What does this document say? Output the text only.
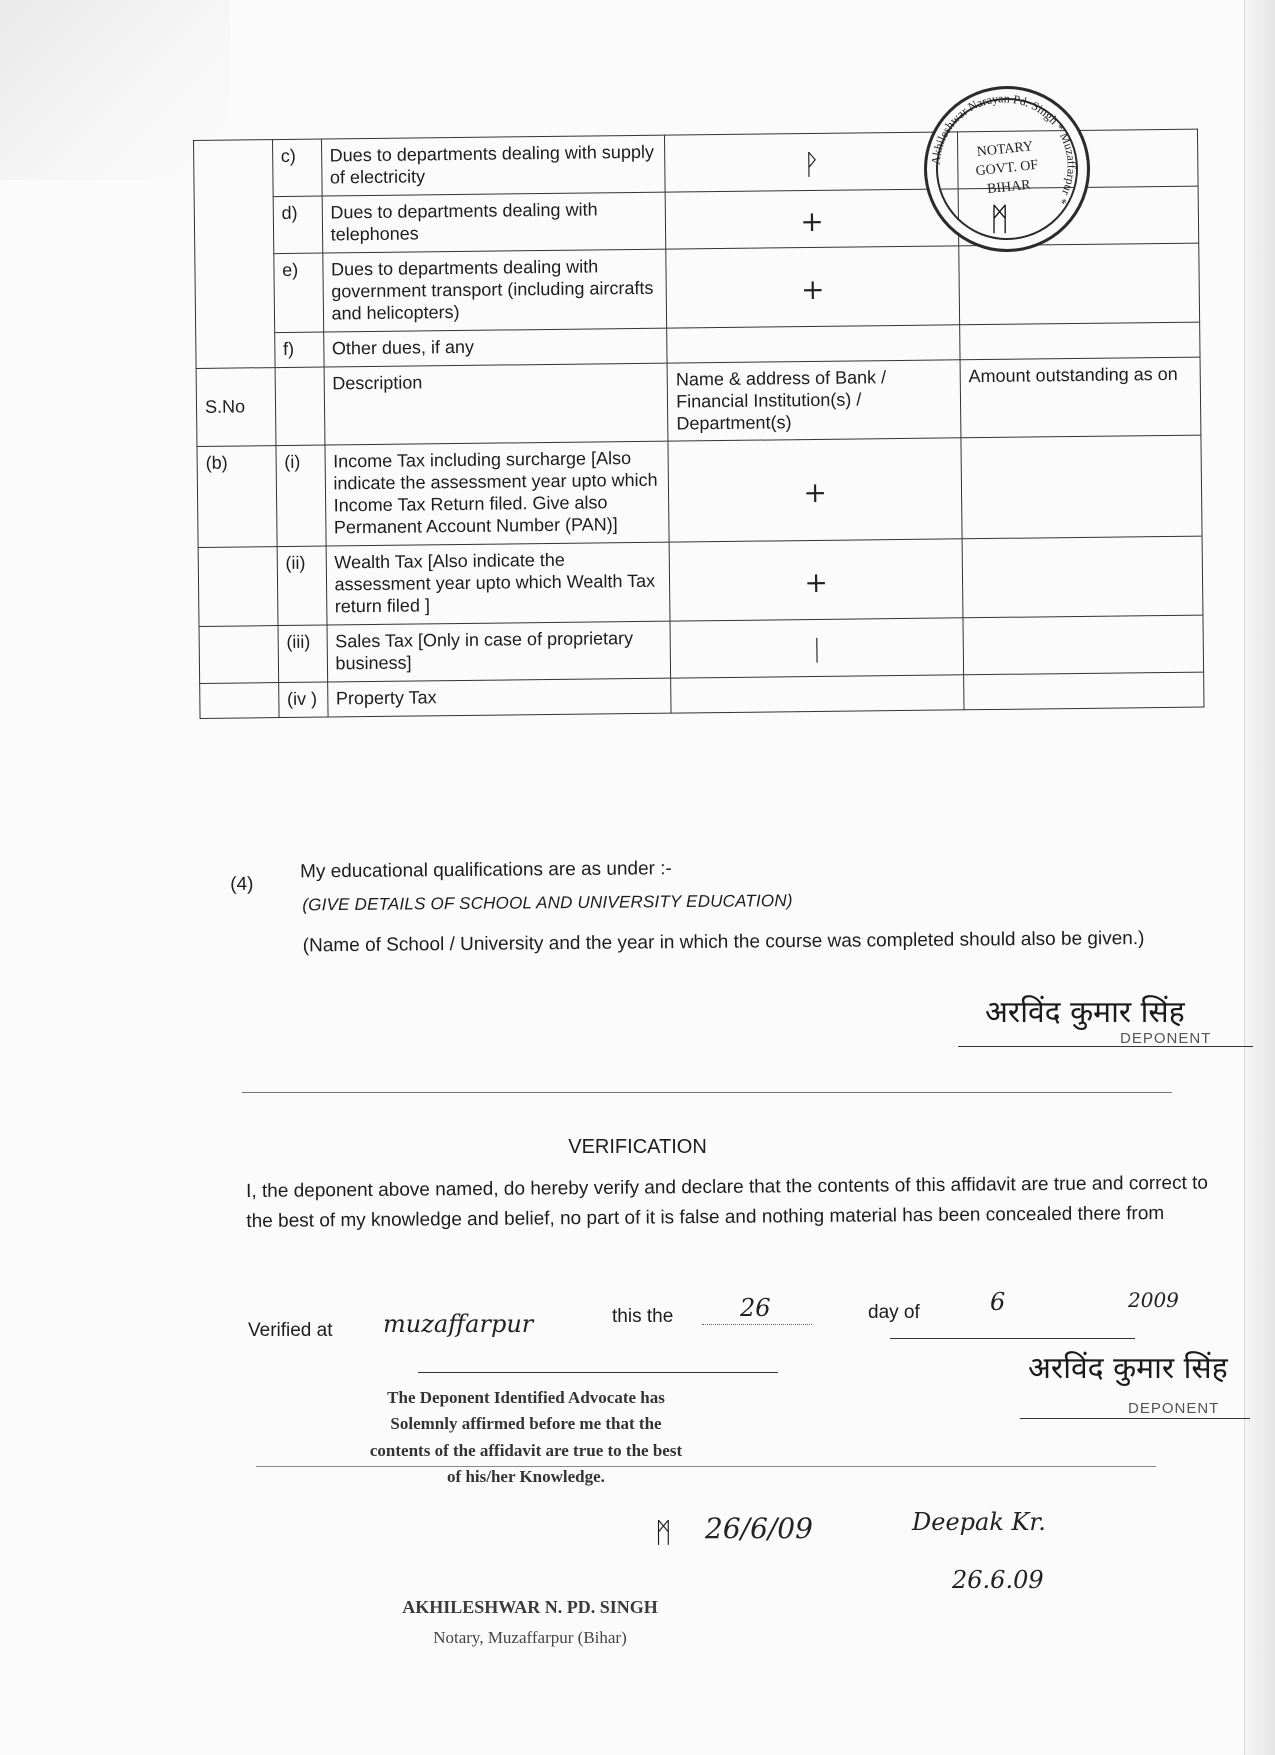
	c)	Dues to departments dealing with supply of electricity	ᚹ	
	d)	Dues to departments dealing with telephones	+	
	e)	Dues to departments dealing with government transport (including aircrafts and helicopters)	+	
	f)	Other dues, if any		
S.No		Description	Name & address of Bank / Financial Institution(s) / Department(s)	Amount outstanding as on
(b)	(i)	Income Tax including surcharge [Also indicate the assessment year upto which Income Tax Return filed. Give also Permanent Account Number (PAN)]	+	
	(ii)	Wealth Tax [Also indicate the assessment year upto which Wealth Tax return filed ]	+	
	(iii)	Sales Tax [Only in case of proprietary business]	ᛁ	
	(iv )	Property Tax		
Akhileshwar Narayan Pd. Singh * Muzaffarpur *
NOTARY
GOVT. OF
BIHAR
ᛗ
(4)
My educational qualifications are as under :-
(GIVE DETAILS OF SCHOOL AND UNIVERSITY EDUCATION)
(Name of School / University and the year in which the course was completed should also be given.)
अरविंद कुमार सिंह
DEPONENT
VERIFICATION
I, the deponent above named, do hereby verify and declare that the contents of this affidavit are true and correct to the best of my knowledge and belief, no part of it is false and nothing material has been concealed there from
Verified at muzaffarpur	this the	26	day of	6	2009
अरविंद कुमार सिंह
DEPONENT
The Deponent Identified Advocate has Solemnly affirmed before me that the contents of the affidavit are true to the best of his/her Knowledge.
ᛗ 26/6/09	Deepak Kr.
26.6.09
AKHILESHWAR N. PD. SINGH
Notary, Muzaffarpur (Bihar)
